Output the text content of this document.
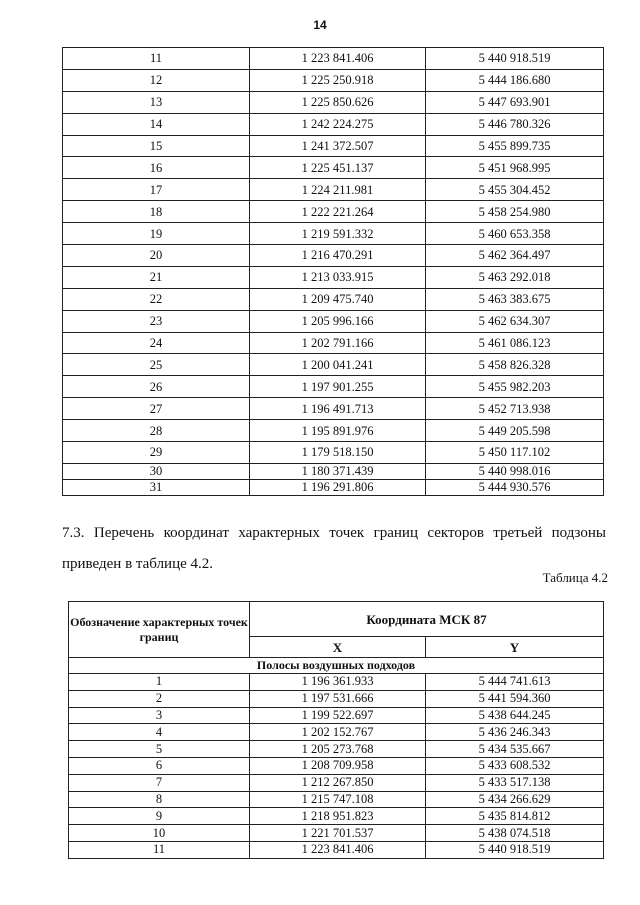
14
11	1 223 841.406	5 440 918.519
12	1 225 250.918	5 444 186.680
13	1 225 850.626	5 447 693.901
14	1 242 224.275	5 446 780.326
15	1 241 372.507	5 455 899.735
16	1 225 451.137	5 451 968.995
17	1 224 211.981	5 455 304.452
18	1 222 221.264	5 458 254.980
19	1 219 591.332	5 460 653.358
20	1 216 470.291	5 462 364.497
21	1 213 033.915	5 463 292.018
22	1 209 475.740	5 463 383.675
23	1 205 996.166	5 462 634.307
24	1 202 791.166	5 461 086.123
25	1 200 041.241	5 458 826.328
26	1 197 901.255	5 455 982.203
27	1 196 491.713	5 452 713.938
28	1 195 891.976	5 449 205.598
29	1 179 518.150	5 450 117.102
30	1 180 371.439	5 440 998.016
31	1 196 291.806	5 444 930.576
7.3. Перечень координат характерных точек границ секторов третьей подзоны приведен в таблице 4.2.
Таблица 4.2
Обозначение характерных точек границ	Координата МСК 87	
	X	Y
Полосы воздушных подходов		
1	1 196 361.933	5 444 741.613
2	1 197 531.666	5 441 594.360
3	1 199 522.697	5 438 644.245
4	1 202 152.767	5 436 246.343
5	1 205 273.768	5 434 535.667
6	1 208 709.958	5 433 608.532
7	1 212 267.850	5 433 517.138
8	1 215 747.108	5 434 266.629
9	1 218 951.823	5 435 814.812
10	1 221 701.537	5 438 074.518
11	1 223 841.406	5 440 918.519
